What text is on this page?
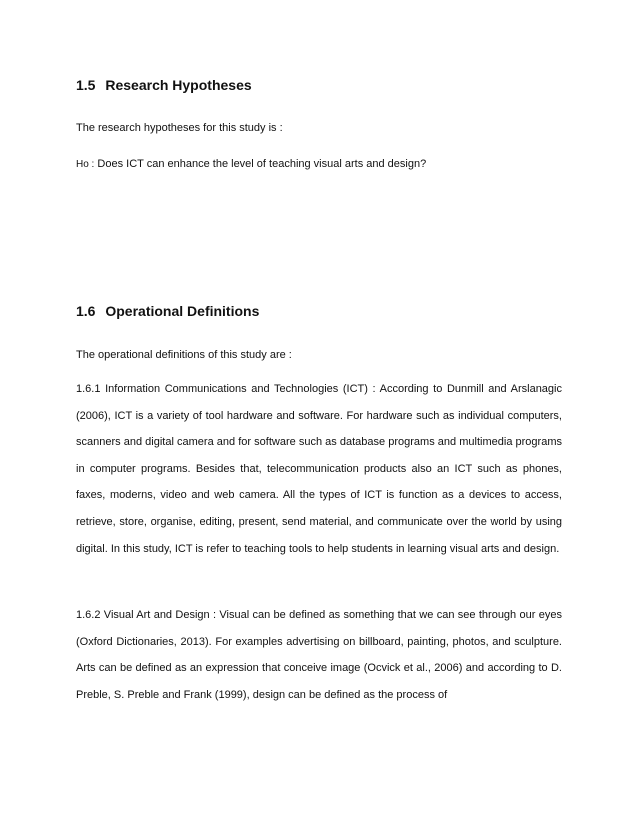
1.5 Research Hypotheses

The research hypotheses for this study is :

Ho : Does ICT can enhance the level of teaching visual arts and design?

1.6 Operational Definitions

The operational definitions of this study are :

1.6.1 Information Communications and Technologies (ICT) : According to Dunmill and Arslanagic (2006), ICT is a variety of tool hardware and software. For hardware such as individual computers, scanners and digital camera and for software such as database programs and multimedia programs in computer programs. Besides that, telecommunication products also an ICT such as phones, faxes, moderns, video and web camera. All the types of ICT is function as a devices to access, retrieve, store, organise, editing, present, send material, and communicate over the world by using digital. In this study, ICT is refer to teaching tools to help students in learning visual arts and design.

1.6.2 Visual Art and Design : Visual can be defined as something that we can see through our eyes (Oxford Dictionaries, 2013). For examples advertising on billboard, painting, photos, and sculpture. Arts can be defined as an expression that conceive image (Ocvick et al., 2006) and according to D. Preble, S. Preble and Frank (1999), design can be defined as the process of
